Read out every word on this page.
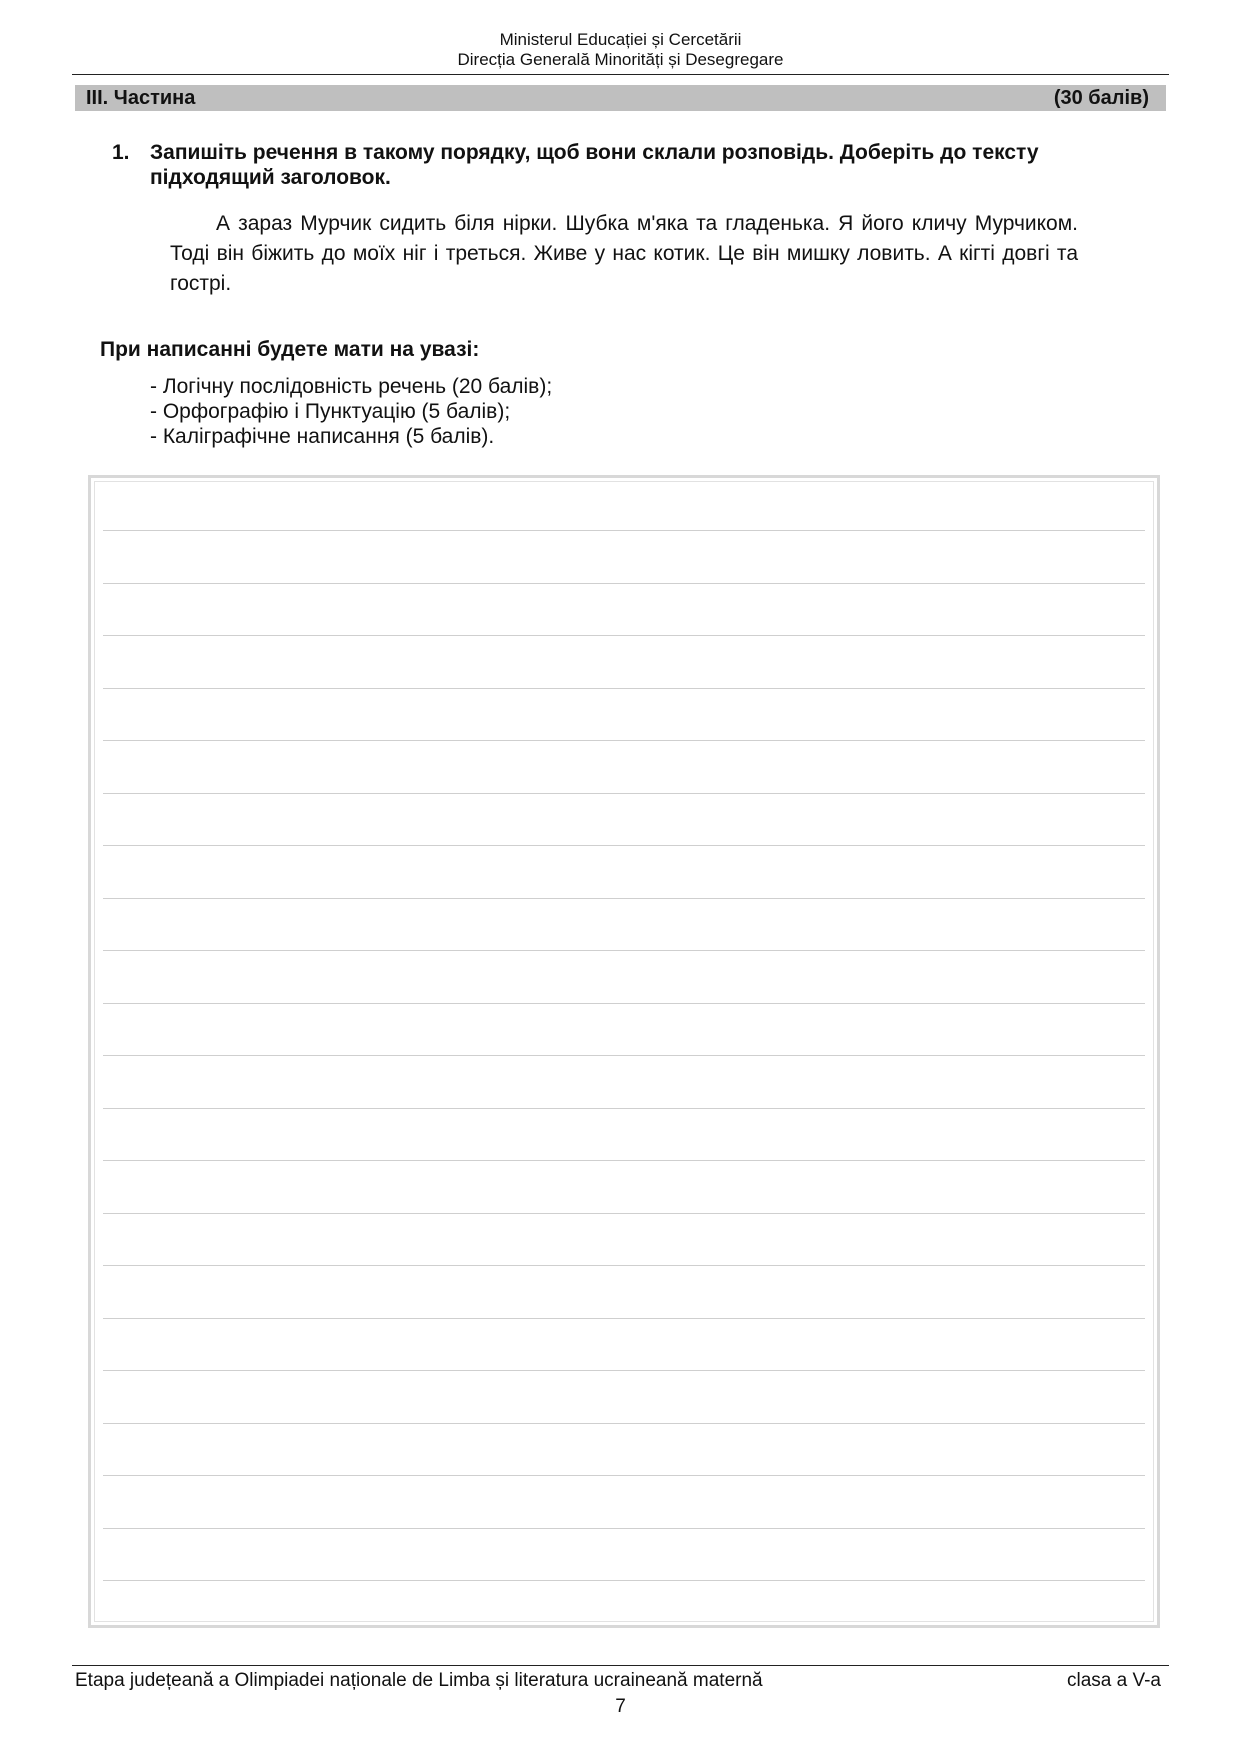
Ministerul Educației și Cercetării
Direcția Generală Minorități și Desegregare
III. Частина	(30 балів)
1. Запишіть речення в такому порядку, щоб вони склали розповідь. Доберіть до тексту підходящий заголовок.
А зараз Мурчик сидить біля нірки. Шубка м'яка та гладенька. Я його кличу Мурчиком. Тоді він біжить до моїх ніг і треться. Живе у нас котик. Це він мишку ловить. А кігті довгі та гострі.
При написанні будете мати на увазі:
- Логічну послідовність речень (20 балів);
- Орфографію і Пунктуацію (5 балів);
- Каліграфічне написання (5 балів).
Etapa județeană a Olimpiadei naționale de Limba și literatura ucraineană maternă	clasa a V-a
7
